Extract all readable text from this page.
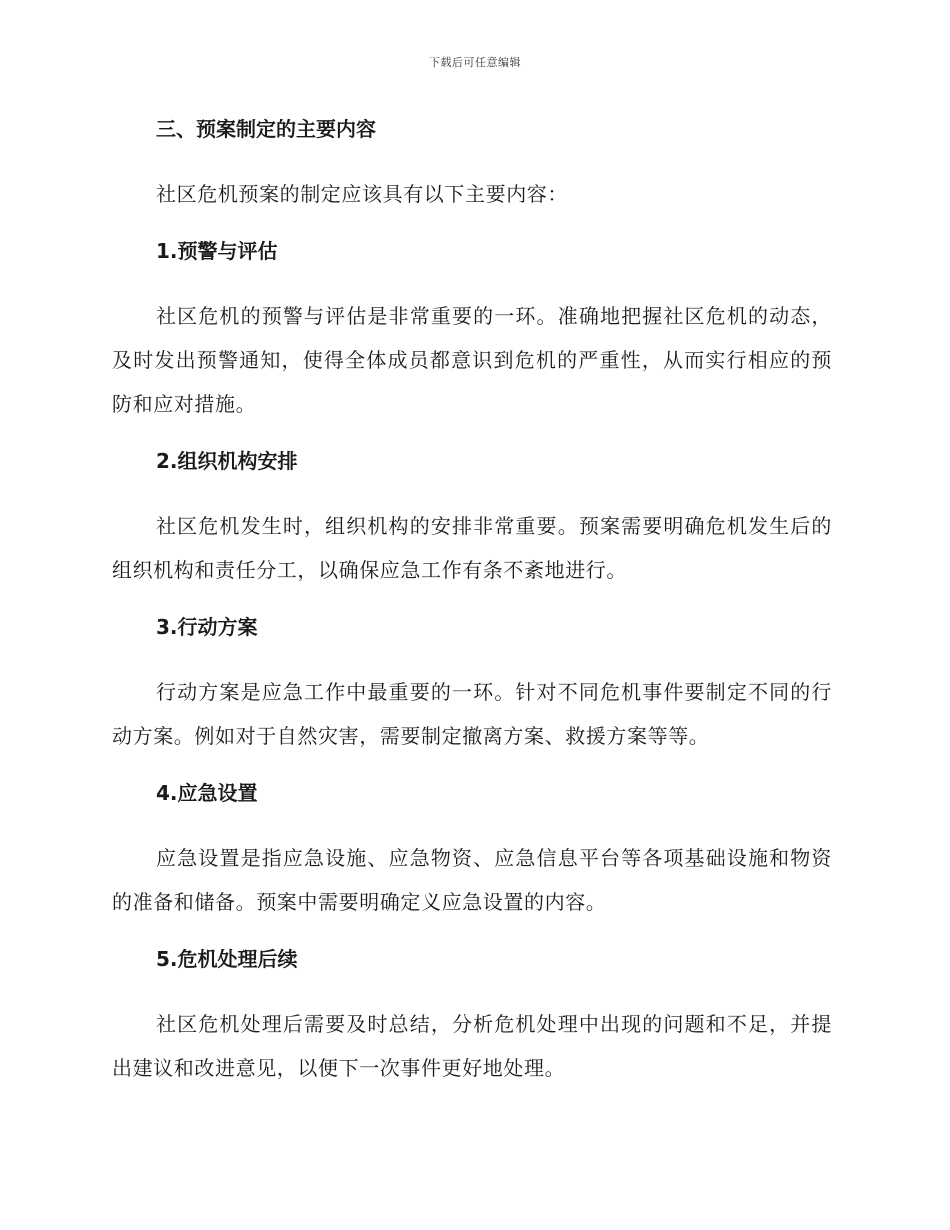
下载后可任意编辑
三、预案制定的主要内容

社区危机预案的制定应该具有以下主要内容：

1.预警与评估

社区危机的预警与评估是非常重要的一环。准确地把握社区危机的动态，及时发出预警通知，使得全体成员都意识到危机的严重性，从而实行相应的预防和应对措施。

2.组织机构安排

社区危机发生时，组织机构的安排非常重要。预案需要明确危机发生后的组织机构和责任分工，以确保应急工作有条不紊地进行。

3.行动方案

行动方案是应急工作中最重要的一环。针对不同危机事件要制定不同的行动方案。例如对于自然灾害，需要制定撤离方案、救援方案等等。

4.应急设置

应急设置是指应急设施、应急物资、应急信息平台等各项基础设施和物资的准备和储备。预案中需要明确定义应急设置的内容。

5.危机处理后续

社区危机处理后需要及时总结，分析危机处理中出现的问题和不足，并提出建议和改进意见，以便下一次事件更好地处理。
